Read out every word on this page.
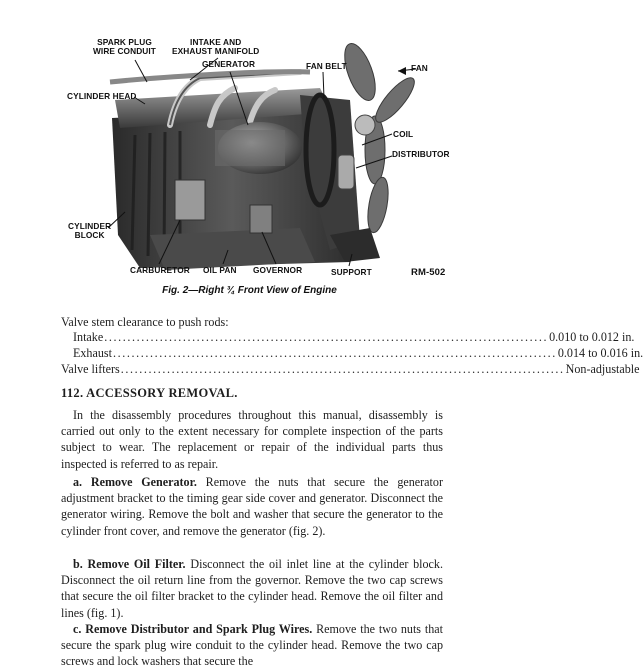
SPARK PLUG
WIRE CONDUIT
INTAKE AND
EXHAUST MANIFOLD
GENERATOR	FAN BELT	FAN
CYLINDER HEAD
COIL
DISTRIBUTOR
CYLINDER
BLOCK
CARBURETOR OIL PAN GOVERNOR	SUPPORT	RM-502
Fig. 2—Right ¾ Front View of Engine
Valve stem clearance to push rods:
Intake ................................................................................................ 0.010 to 0.012 in.
Exhaust ................................................................................................ 0.014 to 0.016 in.
Valve lifters ................................................................................................ Non-adjustable
112. ACCESSORY REMOVAL.

In the disassembly procedures throughout this manual, disassembly is carried out only to the extent necessary for complete inspection of the parts subject to wear. The replacement or repair of the individual parts thus inspected is referred to as repair.

a. Remove Generator. Remove the nuts that secure the generator adjustment bracket to the timing gear side cover and generator. Disconnect the generator wiring. Remove the bolt and washer that secure the generator to the cylinder front cover, and remove the generator (fig. 2).

b. Remove Oil Filter. Disconnect the oil inlet line at the cylinder block. Disconnect the oil return line from the governor. Remove the two cap screws that secure the oil filter bracket to the cylinder head. Remove the oil filter and lines (fig. 1).

c. Remove Distributor and Spark Plug Wires. Remove the two nuts that secure the spark plug wire conduit to the cylinder head. Remove the two cap screws and lock washers that secure the
